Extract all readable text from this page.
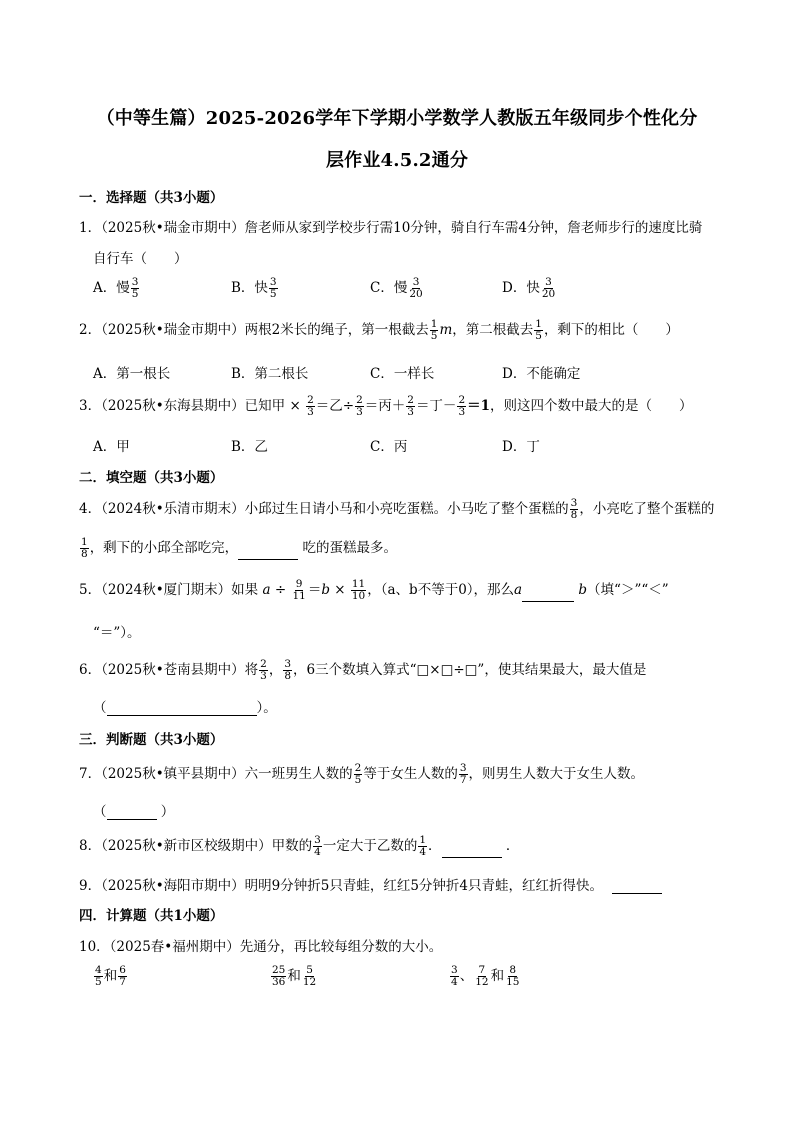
（中等生篇）2025-2026学年下学期小学数学人教版五年级同步个性化分
层作业4.5.2通分
一．选择题（共3小题）
1．（2025秋•瑞金市期中）詹老师从家到学校步行需10分钟，骑自行车需4分钟，詹老师步行的速度比骑
自行车（　　）
A．慢 $\frac{3}{5}$	B．快 $\frac{3}{5}$	C．慢 $\frac{3}{20}$	D．快 $\frac{3}{20}$
2．（2025秋•瑞金市期中）两根2米长的绳子，第一根截去 $\frac{1}{5}$ m，第二根截去 $\frac{1}{5}$ ，剩下的相比（　　）
A．第一根长	B．第二根长	C．一样长	D．不能确定
3．（2025秋•东海县期中）已知甲 × $\frac{2}{3}$ ＝乙÷ $\frac{2}{3}$ ＝丙＋ $\frac{2}{3}$ ＝丁－ $\frac{2}{3} =1$，则这四个数中最大的是（　　）
A．甲	B．乙	C．丙	D．丁
二．填空题（共3小题）
4．（2024秋•乐清市期末）小邱过生日请小马和小亮吃蛋糕。小马吃了整个蛋糕的 $\frac{3}{8}$ ，小亮吃了整个蛋糕的
$\frac{1}{8}$ ，剩下的小邱全部吃完，	吃的蛋糕最多。
5．（2024秋•厦门期末）如果 $a \div \frac{9}{11} =b \times \frac{11}{10}$ ，（a、b不等于0），那么a	b（填“＞”“＜”
“＝”）。
6．（2025秋•苍南县期中）将 $\frac{2}{3}$ ， $\frac{3}{8}$ ，6三个数填入算式“□×□÷□”，使其结果最大，最大值是
（	）。
三．判断题（共3小题）
7．（2025秋•镇平县期中）六一班男生人数的 $\frac{2}{5}$ 等于女生人数的 $\frac{3}{7}$ ，则男生人数大于女生人数。
（	）
8．（2025秋•新市区校级期中）甲数的 $\frac{3}{4}$ 一定大于乙数的 $\frac{1}{4}$ ．	．
9．（2025秋•海阳市期中）明明9分钟折5只青蛙，红红5分钟折4只青蛙，红红折得快。
四．计算题（共1小题）
10．（2025春•福州期中）先通分，再比较每组分数的大小。
$\frac{4}{5}$ 和 $\frac{6}{7}$	$\frac{25}{36}$ 和 $\frac{5}{12}$	$\frac{3}{4}$ 、 $\frac{7}{12}$ 和 $\frac{8}{15}$
